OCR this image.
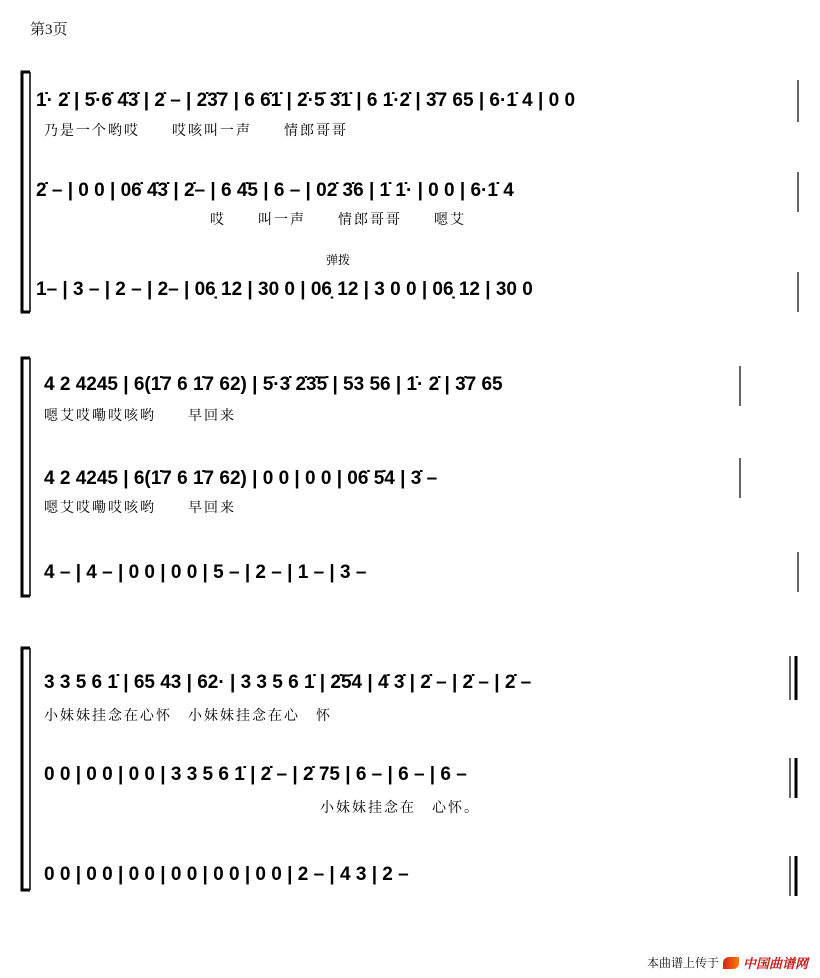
第3页
1̇· 2̇ | 5̇·6̇ 4̇3̇ | 2̇ – | 2̇3̇7 | 6 6̇1̇ | 2̇·5̇ 3̇1̇ | 6 1̇·2̇ | 3̇7 65 | 6·1̇ 4 | 0 0
乃是一个哟哎　　哎咳叫一声　　情郎哥哥
2̇ – | 0 0 | 06̇ 4̇3̇ | 2̇– | 6 4̇5 | 6 – | 02̇ 3̇6 | 1̇ 1̇· | 0 0 | 6·1̇ 4
哎　　叫一声　　情郎哥哥　　嗯艾
弹拨
1– | 3 – | 2 – | 2– | 06̣ 12 | 30 0 | 06̣ 12 | 3 0 0 | 06̣ 12 | 30 0
4 2 4245 | 6(1̇7 6 1̇7 62) | 5̇·3̇ 2̇3̇5̇ | 53 56 | 1̇· 2̇ | 3̇7 65
嗯艾哎嘞哎咳哟　　早回来
4 2 4245 | 6(1̇7 6 1̇7 62) | 0 0 | 0 0 | 06̇ 5̇4 | 3̇ –
嗯艾哎嘞哎咳哟　　早回来
4 – | 4 – | 0 0 | 0 0 | 5 – | 2 – | 1 – | 3 –
3 3 5 6 1̇ | 65 43 | 62· | 3 3 5 6 1̇ | 2̇5̇4 | 4̇ 3̇ | 2̇ – | 2̇ – | 2̇ –
小妹妹挂念在心怀　小妹妹挂念在心　怀
0 0 | 0 0 | 0 0 | 3 3 5 6 1̇ | 2̇ – | 2̇ 75 | 6 – | 6 – | 6 –
小妹妹挂念在　心怀。
0 0 | 0 0 | 0 0 | 0 0 | 0 0 | 0 0 | 2 – | 4 3 | 2 –
本曲谱上传于 中国曲谱网
